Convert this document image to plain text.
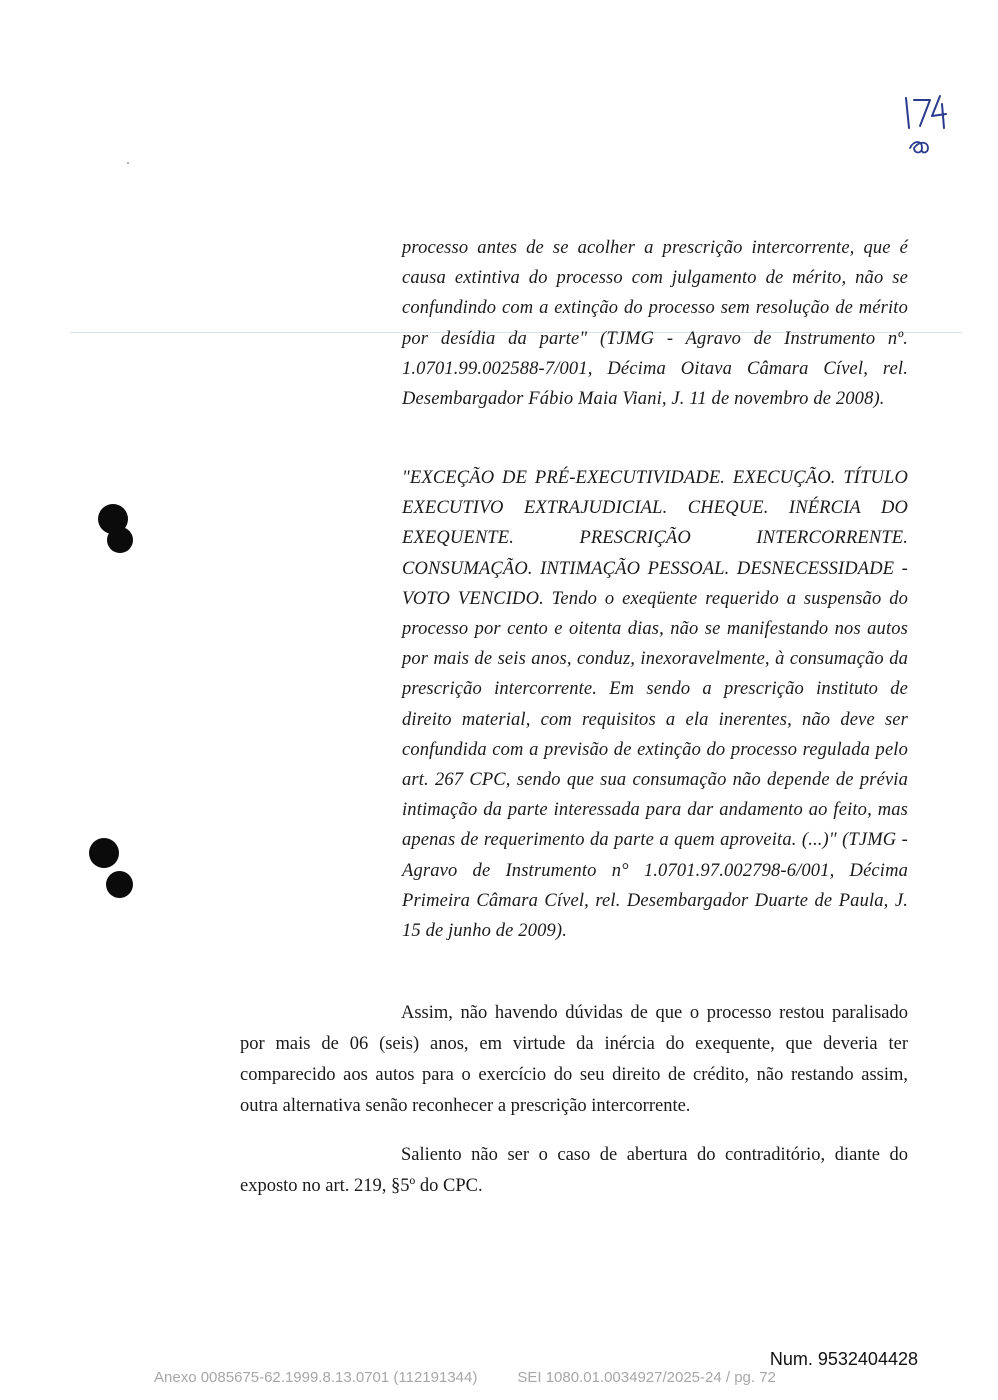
processo antes de se acolher a prescrição intercorrente, que é causa extintiva do processo com julgamento de mérito, não se confundindo com a extinção do processo sem resolução de mérito por desídia da parte" (TJMG - Agravo de Instrumento nº. 1.0701.99.002588-7/001, Décima Oitava Câmara Cível, rel. Desembargador Fábio Maia Viani, J. 11 de novembro de 2008).

"EXCEÇÃO DE PRÉ-EXECUTIVIDADE. EXECUÇÃO. TÍTULO EXECUTIVO EXTRAJUDICIAL. CHEQUE. INÉRCIA DO EXEQUENTE. PRESCRIÇÃO INTERCORRENTE. CONSUMAÇÃO. INTIMAÇÃO PESSOAL. DESNECESSIDADE - VOTO VENCIDO. Tendo o exeqüente requerido a suspensão do processo por cento e oitenta dias, não se manifestando nos autos por mais de seis anos, conduz, inexoravelmente, à consumação da prescrição intercorrente. Em sendo a prescrição instituto de direito material, com requisitos a ela inerentes, não deve ser confundida com a previsão de extinção do processo regulada pelo art. 267 CPC, sendo que sua consumação não depende de prévia intimação da parte interessada para dar andamento ao feito, mas apenas de requerimento da parte a quem aproveita. (...)" (TJMG - Agravo de Instrumento n° 1.0701.97.002798-6/001, Décima Primeira Câmara Cível, rel. Desembargador Duarte de Paula, J. 15 de junho de 2009).

Assim, não havendo dúvidas de que o processo restou paralisado por mais de 06 (seis) anos, em virtude da inércia do exequente, que deveria ter comparecido aos autos para o exercício do seu direito de crédito, não restando assim, outra alternativa senão reconhecer a prescrição intercorrente.

Saliento não ser o caso de abertura do contraditório, diante do exposto no art. 219, §5º do CPC.

Num. 9532404428
Anexo 0085675-62.1999.8.13.0701 (112191344)	SEI 1080.01.0034927/2025-24 / pg. 72
